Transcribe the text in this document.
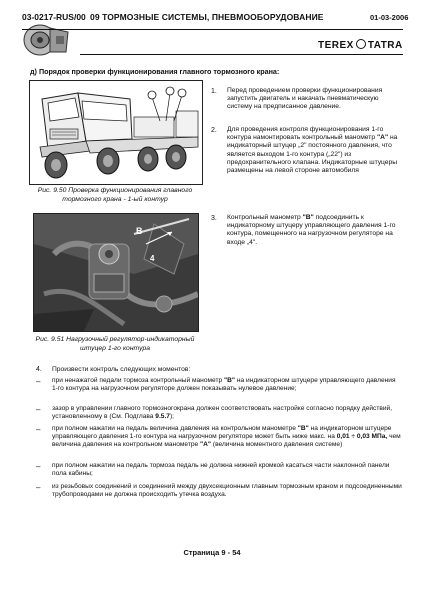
03-0217-RUS/00 09 ТОРМОЗНЫЕ СИСТЕМЫ, ПНЕВМООБОРУДОВАНИЕ	01-03-2006
TEREX TATRA
д) Порядок проверки функционирования главного тормозного крана:
Рис. 9.50 Проверка функционирования главного тормозного крана - 1-ый контур
B
4
Рис. 9.51 Нагрузочный регулятор-индикаторный штуцер 1-го контура
1. Перед проведением проверки функционирования запустить двигатель и накачать пневматическую систему на предписанное давление.
2. Для проведения контроля функционирования 1-го контура намонтировать контрольный манометр "A" на индикаторный штуцер „2" постоянного давления, что является выходом 1-го контура („22") из предохранительного клапана. Индикаторные штуцеры размещены на левой стороне автомобиля
3. Контрольный манометр "B" подсоединить к индикаторному штуцеру управляющего давления 1-го контура, помещенного на нагрузочном регуляторе на входе „4".
4. Произвести контроль следующих моментов:
– при ненажатой педали тормоза контрольный манометр "B" на индикаторном штуцере управляющего давления 1-го контура на нагрузочном регуляторе должен показывать нулевое давление;
– зазор в управлении главного тормозногокрана должен соответствовать настройке согласно порядку действий, установленному в (См. Подглава 9.5.7);
– при полном нажатии на педаль величина давления на контрольном манометре "B" на индикаторном штуцере управляющего давления 1-го контура на нагрузочном регуляторе может быть ниже макс. на 0,01 ÷ 0,03 МПа, чем величина давления на контрольном манометре "A" (величина моментного давления системе)
– при полном нажатии на педаль тормоза педаль не должна нижней кромкой касаться части наклонной панели пола кабины;
– из резьбовых соединений и соединений между двухсекционным главным тормозным краном и подсоединенными трубопроводами не должна происходить утечка воздуха.
Страница 9 - 54
